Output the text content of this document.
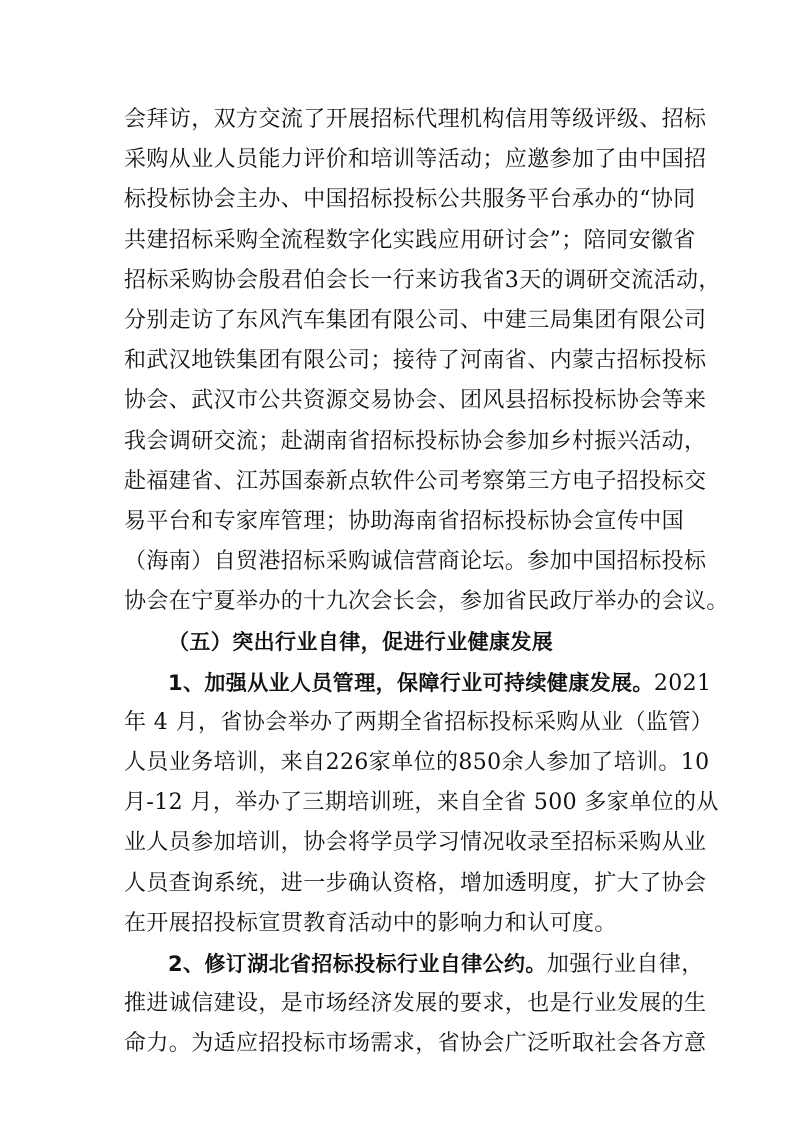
会拜访，双方交流了开展招标代理机构信用等级评级、招标
采购从业人员能力评价和培训等活动；应邀参加了由中国招
标投标协会主办、中国招标投标公共服务平台承办的“协同
共建招标采购全流程数字化实践应用研讨会”；陪同安徽省
招标采购协会殷君伯会长一行来访我省3天的调研交流活动，
分别走访了东风汽车集团有限公司、中建三局集团有限公司
和武汉地铁集团有限公司；接待了河南省、内蒙古招标投标
协会、武汉市公共资源交易协会、团风县招标投标协会等来
我会调研交流；赴湖南省招标投标协会参加乡村振兴活动，
赴福建省、江苏国泰新点软件公司考察第三方电子招投标交
易平台和专家库管理；协助海南省招标投标协会宣传中国
（海南）自贸港招标采购诚信营商论坛。参加中国招标投标
协会在宁夏举办的十九次会长会，参加省民政厅举办的会议。
（五）突出行业自律，促进行业健康发展
1、加强从业人员管理，保障行业可持续健康发展。2021
年 4 月，省协会举办了两期全省招标投标采购从业（监管）
人员业务培训，来自226家单位的850余人参加了培训。10
月-12 月，举办了三期培训班，来自全省 500 多家单位的从
业人员参加培训，协会将学员学习情况收录至招标采购从业
人员查询系统，进一步确认资格，增加透明度，扩大了协会
在开展招投标宣贯教育活动中的影响力和认可度。
2、修订湖北省招标投标行业自律公约。加强行业自律，
推进诚信建设，是市场经济发展的要求，也是行业发展的生
命力。为适应招投标市场需求，省协会广泛听取社会各方意
